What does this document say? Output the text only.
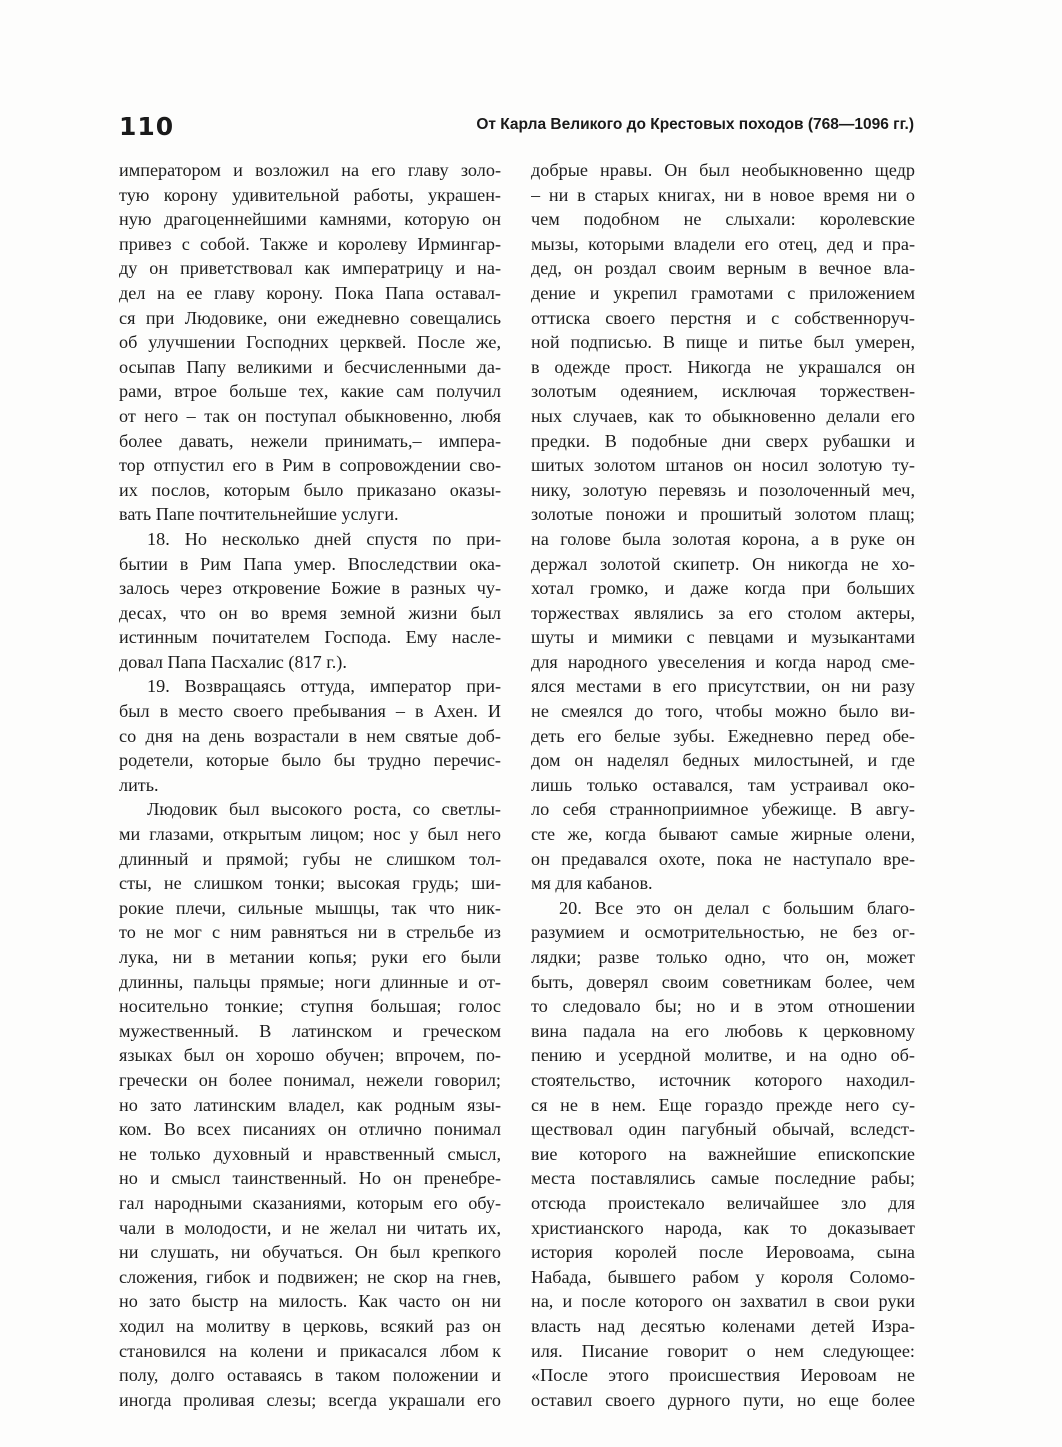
110	От Карла Великого до Крестовых походов (768—1096 гг.)
императором и возложил на его главу золо-
тую корону удивительной работы, украшен-
ную драгоценнейшими камнями, которую он
привез с собой. Также и королеву Ирмингар-
ду он приветствовал как императрицу и на-
дел на ее главу корону. Пока Папа оставал-
ся при Людовике, они ежедневно совещались
об улучшении Господних церквей. После же,
осыпав Папу великими и бесчисленными да-
рами, втрое больше тех, какие сам получил
от него – так он поступал обыкновенно, любя
более давать, нежели принимать,– импера-
тор отпустил его в Рим в сопровождении сво-
их послов, которым было приказано оказы-
вать Папе почтительнейшие услуги.
18. Но несколько дней спустя по при-
бытии в Рим Папа умер. Впоследствии ока-
залось через откровение Божие в разных чу-
десах, что он во время земной жизни был
истинным почитателем Господа. Ему насле-
довал Папа Пасхалис (817 г.).
19. Возвращаясь оттуда, император при-
был в место своего пребывания – в Ахен. И
со дня на день возрастали в нем святые доб-
родетели, которые было бы трудно перечис-
лить.
Людовик был высокого роста, со светлы-
ми глазами, открытым лицом; нос у был него
длинный и прямой; губы не слишком тол-
сты, не слишком тонки; высокая грудь; ши-
рокие плечи, сильные мышцы, так что ник-
то не мог с ним равняться ни в стрельбе из
лука, ни в метании копья; руки его были
длинны, пальцы прямые; ноги длинные и от-
носительно тонкие; ступня большая; голос
мужественный. В латинском и греческом
языках был он хорошо обучен; впрочем, по-
гречески он более понимал, нежели говорил;
но зато латинским владел, как родным язы-
ком. Во всех писаниях он отлично понимал
не только духовный и нравственный смысл,
но и смысл таинственный. Но он пренебре-
гал народными сказаниями, которым его обу-
чали в молодости, и не желал ни читать их,
ни слушать, ни обучаться. Он был крепкого
сложения, гибок и подвижен; не скор на гнев,
но зато быстр на милость. Как часто он ни
ходил на молитву в церковь, всякий раз он
становился на колени и прикасался лбом к
полу, долго оставаясь в таком положении и
иногда проливая слезы; всегда украшали его
добрые нравы. Он был необыкновенно щедр
– ни в старых книгах, ни в новое время ни о
чем подобном не слыхали: королевские
мызы, которыми владели его отец, дед и пра-
дед, он роздал своим верным в вечное вла-
дение и укрепил грамотами с приложением
оттиска своего перстня и с собственноруч-
ной подписью. В пище и питье был умерен,
в одежде прост. Никогда не украшался он
золотым одеянием, исключая торжествен-
ных случаев, как то обыкновенно делали его
предки. В подобные дни сверх рубашки и
шитых золотом штанов он носил золотую ту-
нику, золотую перевязь и позолоченный меч,
золотые поножи и прошитый золотом плащ;
на голове была золотая корона, а в руке он
держал золотой скипетр. Он никогда не хо-
хотал громко, и даже когда при больших
торжествах являлись за его столом актеры,
шуты и мимики с певцами и музыкантами
для народного увеселения и когда народ сме-
ялся местами в его присутствии, он ни разу
не смеялся до того, чтобы можно было ви-
деть его белые зубы. Ежедневно перед обе-
дом он наделял бедных милостыней, и где
лишь только оставался, там устраивал око-
ло себя странноприимное убежище. В авгу-
сте же, когда бывают самые жирные олени,
он предавался охоте, пока не наступало вре-
мя для кабанов.
20. Все это он делал с большим благо-
разумием и осмотрительностью, не без ог-
лядки; разве только одно, что он, может
быть, доверял своим советникам более, чем
то следовало бы; но и в этом отношении
вина падала на его любовь к церковному
пению и усердной молитве, и на одно об-
стоятельство, источник которого находил-
ся не в нем. Еще гораздо прежде него су-
ществовал один пагубный обычай, вследст-
вие которого на важнейшие епископские
места поставлялись самые последние рабы;
отсюда проистекало величайшее зло для
христианского народа, как то доказывает
история королей после Иеровоама, сына
Набада, бывшего рабом у короля Соломо-
на, и после которого он захватил в свои руки
власть над десятью коленами детей Изра-
иля. Писание говорит о нем следующее:
«После этого происшествия Иеровоам не
оставил своего дурного пути, но еще более
